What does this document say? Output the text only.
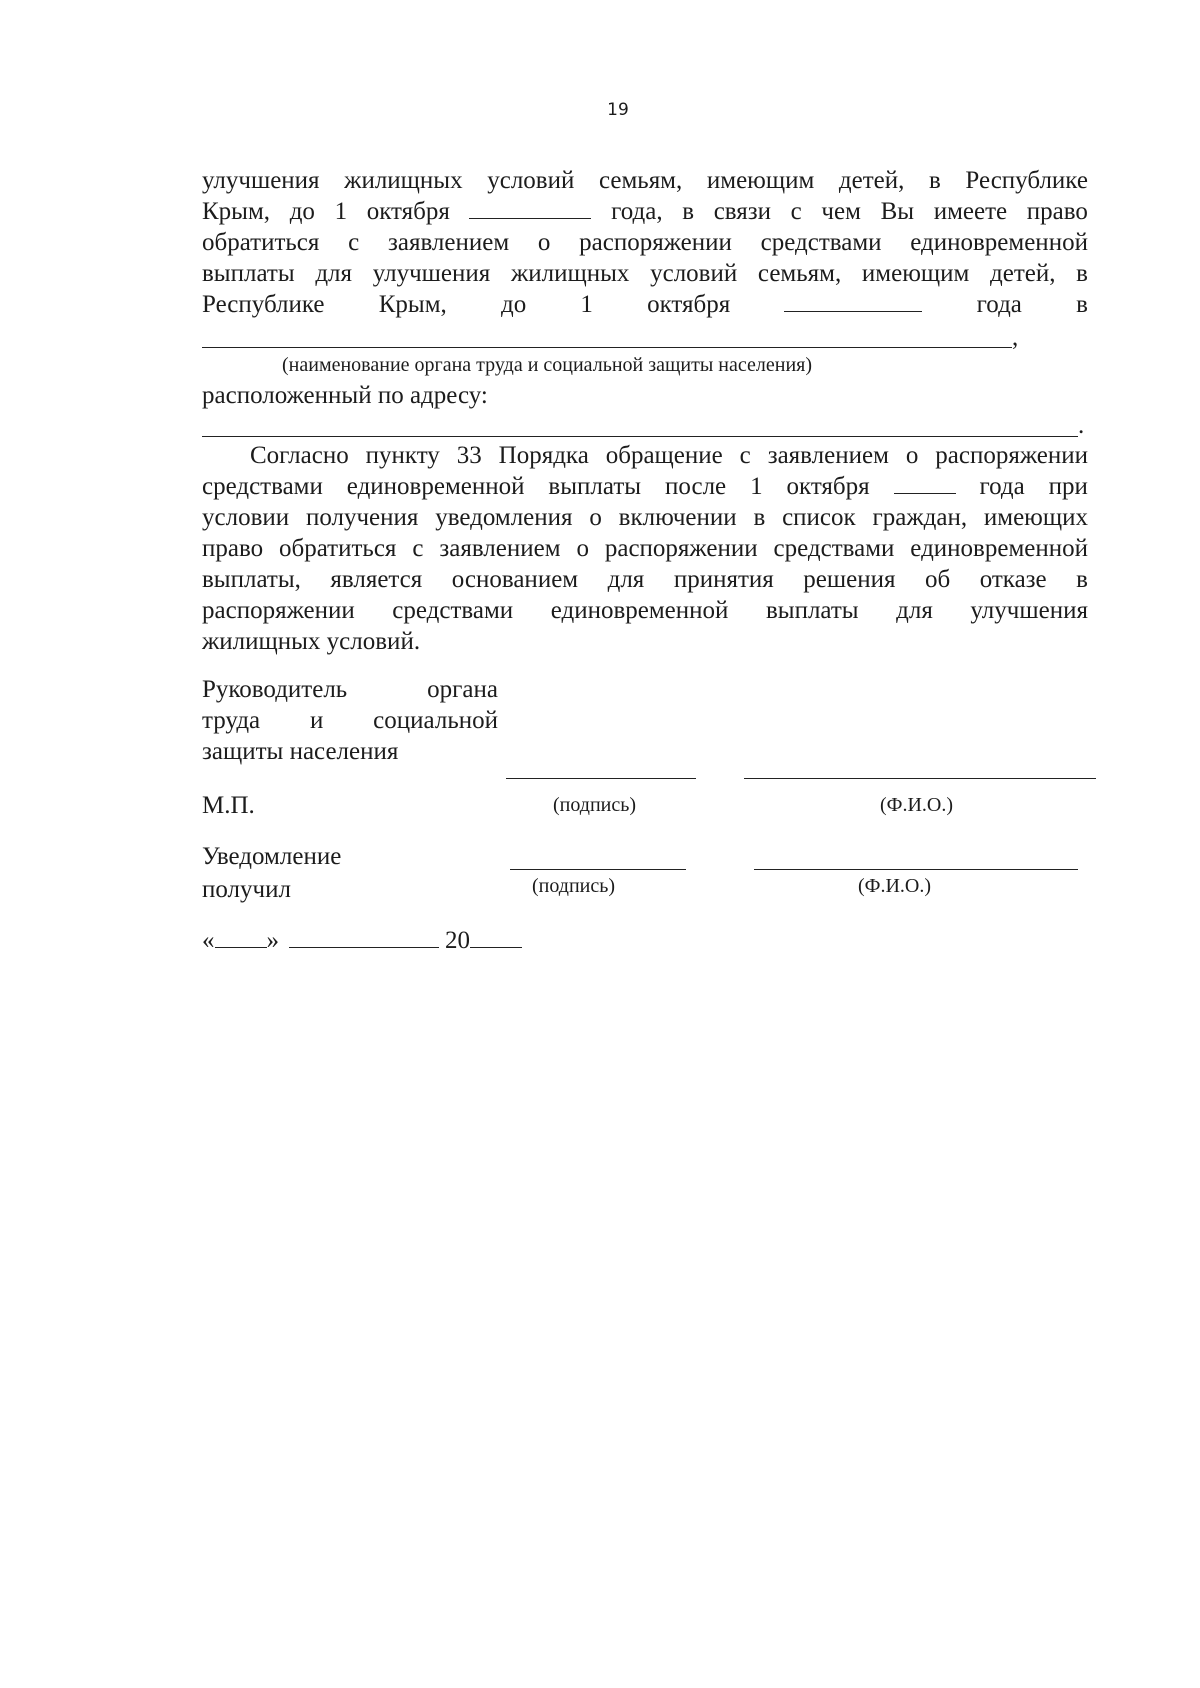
19
улучшения жилищных условий семьям, имеющим детей, в Республике
Крым, до 1 октября	года, в связи с чем Вы имеете право
обратиться с заявлением о распоряжении средствами единовременной
выплаты для улучшения жилищных условий семьям, имеющим детей, в
Республике Крым, до 1 октября	года в
,
(наименование органа труда и социальной защиты населения)
расположенный по адресу:
.
Согласно пункту 33 Порядка обращение с заявлением о распоряжении
средствами единовременной выплаты после 1 октября	года при
условии получения уведомления о включении в список граждан, имеющих
право обратиться с заявлением о распоряжении средствами единовременной
выплаты, является основанием для принятия решения об отказе в
распоряжении средствами единовременной выплаты для улучшения
жилищных условий.
Руководитель	органа
труда и социальной
защиты населения
М.П.	(подпись)	(Ф.И.О.)
Уведомление
получил	(подпись)	(Ф.И.О.)
« »	20
